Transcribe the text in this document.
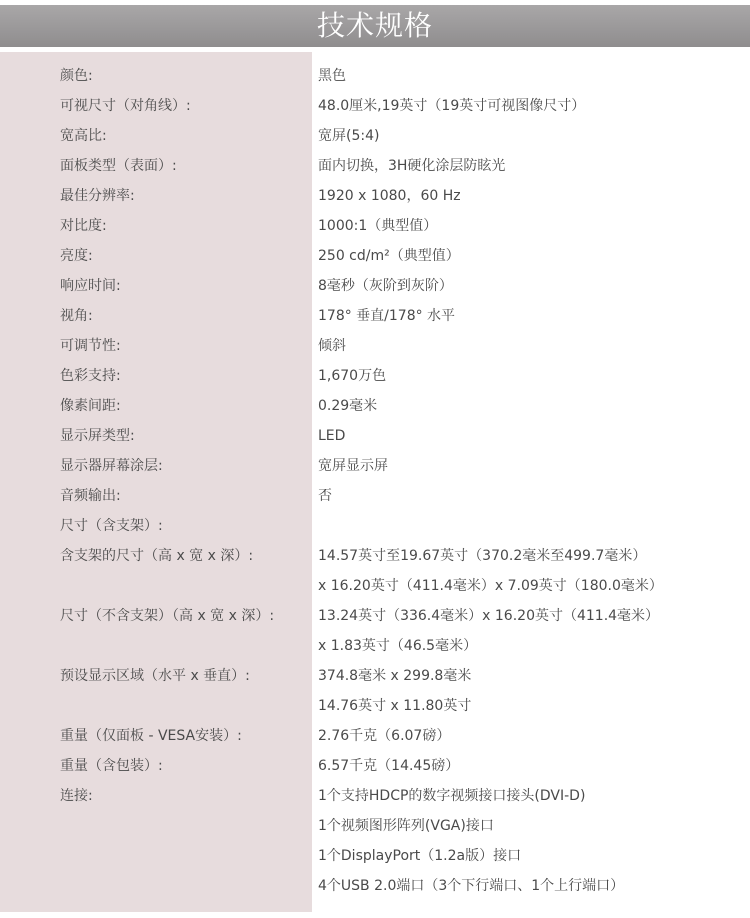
技术规格
颜色:	黑色
可视尺寸（对角线）:	48.0厘米,19英寸（19英寸可视图像尺寸）
宽高比:	宽屏(5:4)
面板类型（表面）:	面内切换，3H硬化涂层防眩光
最佳分辨率:	1920 x 1080，60 Hz
对比度:	1000:1（典型值）
亮度:	250 cd/m²（典型值）
响应时间:	8毫秒（灰阶到灰阶）
视角:	178° 垂直/178° 水平
可调节性:	倾斜
色彩支持:	1,670万色
像素间距:	0.29毫米
显示屏类型:	LED
显示器屏幕涂层:	宽屏显示屏
音频输出:	否
尺寸（含支架）:
含支架的尺寸（高 x 宽 x 深）:	14.57英寸至19.67英寸（370.2毫米至499.7毫米）
x 16.20英寸（411.4毫米）x 7.09英寸（180.0毫米）
尺寸（不含支架）（高 x 宽 x 深）:	13.24英寸（336.4毫米）x 16.20英寸（411.4毫米）
x 1.83英寸（46.5毫米）
预设显示区域（水平 x 垂直）:	374.8毫米 x 299.8毫米
14.76英寸 x 11.80英寸
重量（仅面板 - VESA安装）:	2.76千克（6.07磅）
重量（含包装）:	6.57千克（14.45磅）
连接:	1个支持HDCP的数字视频接口接头(DVI-D)
1个视频图形阵列(VGA)接口
1个DisplayPort（1.2a版）接口
4个USB 2.0端口（3个下行端口、1个上行端口）
